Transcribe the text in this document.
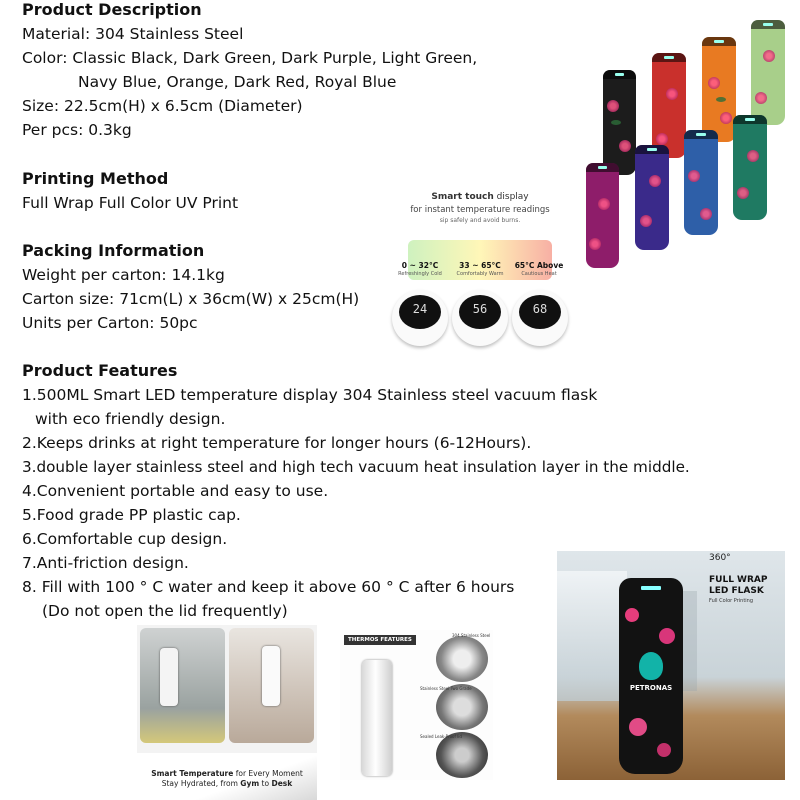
Product Description
Material: 304 Stainless Steel
Color: Classic Black, Dark Green, Dark Purple, Light Green,
Navy Blue, Orange, Dark Red, Royal Blue
Size: 22.5cm(H) x 6.5cm (Diameter)
Per pcs: 0.3kg
Printing Method
Full Wrap Full Color UV Print
Packing Information
Weight per carton: 14.1kg
Carton size: 71cm(L) x 36cm(W) x 25cm(H)
Units per Carton: 50pc
Product Features
1.500ML Smart LED temperature display 304 Stainless steel vacuum flask
with eco friendly design.
2.Keeps drinks at right temperature for longer hours (6-12Hours).
3.double layer stainless steel and high tech vacuum heat insulation layer in the middle.
4.Convenient portable and easy to use.
5.Food grade PP plastic cap.
6.Comfortable cup design.
7.Anti-friction design.
8. Fill with 100 ° C water and keep it above 60 ° C after 6 hours
(Do not open the lid frequently)
Smart touch display
for instant temperature readings
sip safely and avoid burns.
0 ~ 32°C
Refreshingly Cold
33 ~ 65°C
Comfortably Warm
65°C Above
Cautious Heat
24	56	68
PETRONAS
360°
FULL WRAP
LED FLASK
Full Color Printing
Smart Temperature for Every Moment
Stay Hydrated, from Gym to Desk
THERMOS FEATURES
304 Stainless Steel
Stainless Steel Two Grade
Sealed Leak-Proof lid
